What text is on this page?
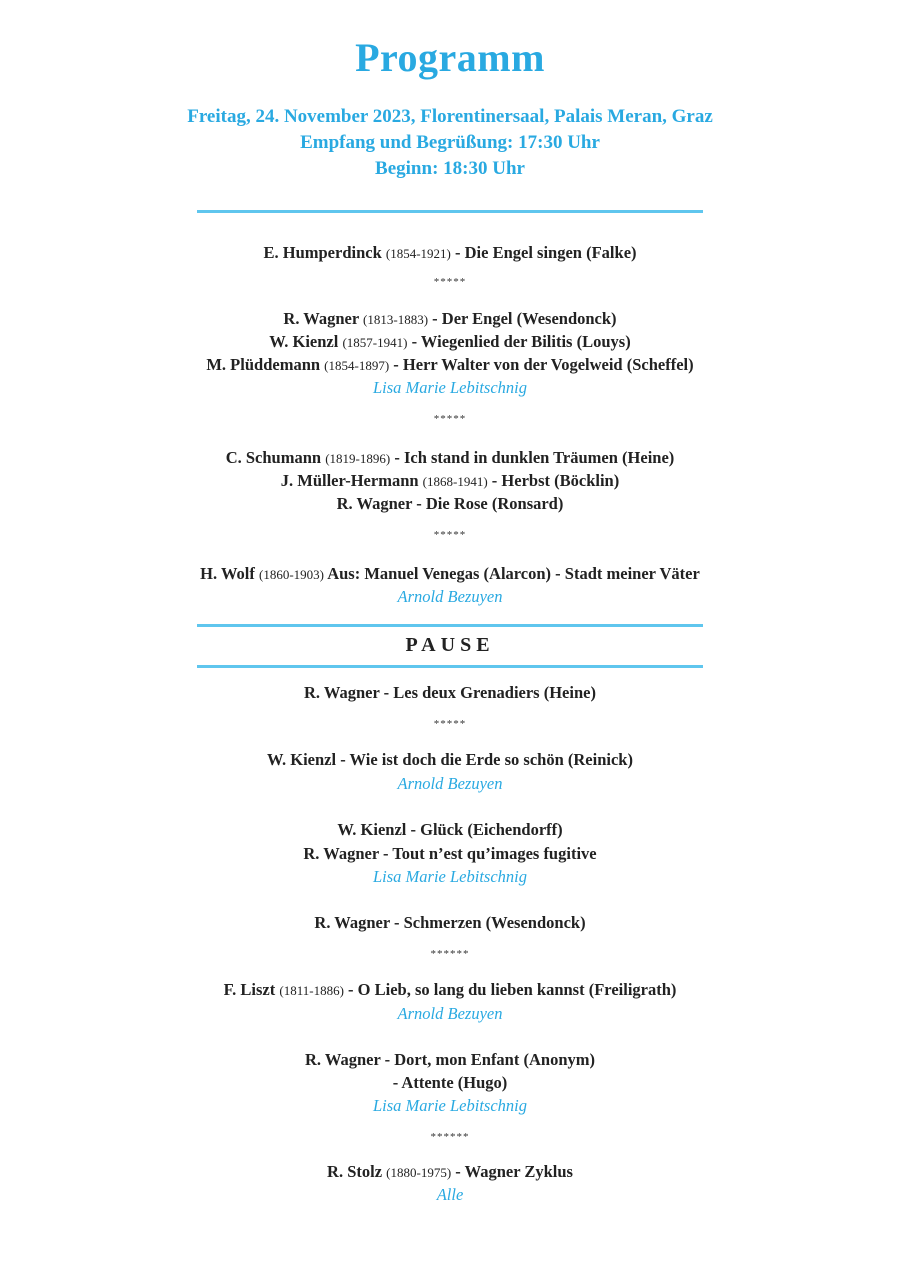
Programm
Freitag, 24. November 2023, Florentinersaal, Palais Meran, Graz
Empfang und Begrüßung: 17:30 Uhr
Beginn: 18:30 Uhr
E. Humperdinck (1854-1921) - Die Engel singen (Falke)
*****
R. Wagner (1813-1883) - Der Engel (Wesendonck)
W. Kienzl (1857-1941) - Wiegenlied der Bilitis (Louys)
M. Plüddemann (1854-1897) - Herr Walter von der Vogelweid (Scheffel)
Lisa Marie Lebitschnig
*****
C. Schumann (1819-1896) - Ich stand in dunklen Träumen (Heine)
J. Müller-Hermann (1868-1941) - Herbst (Böcklin)
R. Wagner - Die Rose (Ronsard)
*****
H. Wolf (1860-1903) Aus: Manuel Venegas (Alarcon) - Stadt meiner Väter
Arnold Bezuyen
PAUSE
R. Wagner - Les deux Grenadiers (Heine)
*****
W. Kienzl - Wie ist doch die Erde so schön (Reinick)
Arnold Bezuyen
W. Kienzl - Glück (Eichendorff)
R. Wagner - Tout n’est qu’images fugitive
Lisa Marie Lebitschnig
R. Wagner - Schmerzen (Wesendonck)
******
F. Liszt (1811-1886) - O Lieb, so lang du lieben kannst (Freiligrath)
Arnold Bezuyen
R. Wagner - Dort, mon Enfant (Anonym)
- Attente (Hugo)
Lisa Marie Lebitschnig
******
R. Stolz (1880-1975) - Wagner Zyklus
Alle
